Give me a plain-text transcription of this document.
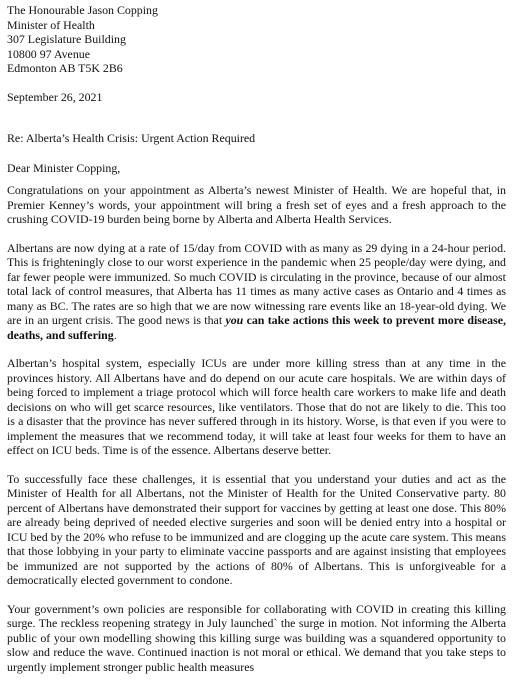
The Honourable Jason Copping
Minister of Health
307 Legislature Building
10800 97 Avenue
Edmonton AB T5K 2B6
September 26, 2021
Re: Alberta’s Health Crisis: Urgent Action Required
Dear Minister Copping,

Congratulations on your appointment as Alberta’s newest Minister of Health. We are hopeful that, in Premier Kenney’s words, your appointment will bring a fresh set of eyes and a fresh approach to the crushing COVID-19 burden being borne by Alberta and Alberta Health Services.

Albertans are now dying at a rate of 15/day from COVID with as many as 29 dying in a 24-hour period. This is frighteningly close to our worst experience in the pandemic when 25 people/day were dying, and far fewer people were immunized. So much COVID is circulating in the province, because of our almost total lack of control measures, that Alberta has 11 times as many active cases as Ontario and 4 times as many as BC. The rates are so high that we are now witnessing rare events like an 18-year-old dying. We are in an urgent crisis. The good news is that you can take actions this week to prevent more disease, deaths, and suffering.

Albertan’s hospital system, especially ICUs are under more killing stress than at any time in the provinces history. All Albertans have and do depend on our acute care hospitals. We are within days of being forced to implement a triage protocol which will force health care workers to make life and death decisions on who will get scarce resources, like ventilators. Those that do not are likely to die. This too is a disaster that the province has never suffered through in its history. Worse, is that even if you were to implement the measures that we recommend today, it will take at least four weeks for them to have an effect on ICU beds. Time is of the essence. Albertans deserve better.

To successfully face these challenges, it is essential that you understand your duties and act as the Minister of Health for all Albertans, not the Minister of Health for the United Conservative party. 80 percent of Albertans have demonstrated their support for vaccines by getting at least one dose. This 80% are already being deprived of needed elective surgeries and soon will be denied entry into a hospital or ICU bed by the 20% who refuse to be immunized and are clogging up the acute care system. This means that those lobbying in your party to eliminate vaccine passports and are against insisting that employees be immunized are not supported by the actions of 80% of Albertans. This is unforgiveable for a democratically elected government to condone.

Your government’s own policies are responsible for collaborating with COVID in creating this killing surge. The reckless reopening strategy in July launched` the surge in motion. Not informing the Alberta public of your own modelling showing this killing surge was building was a squandered opportunity to slow and reduce the wave. Continued inaction is not moral or ethical. We demand that you take steps to urgently implement stronger public health measures
